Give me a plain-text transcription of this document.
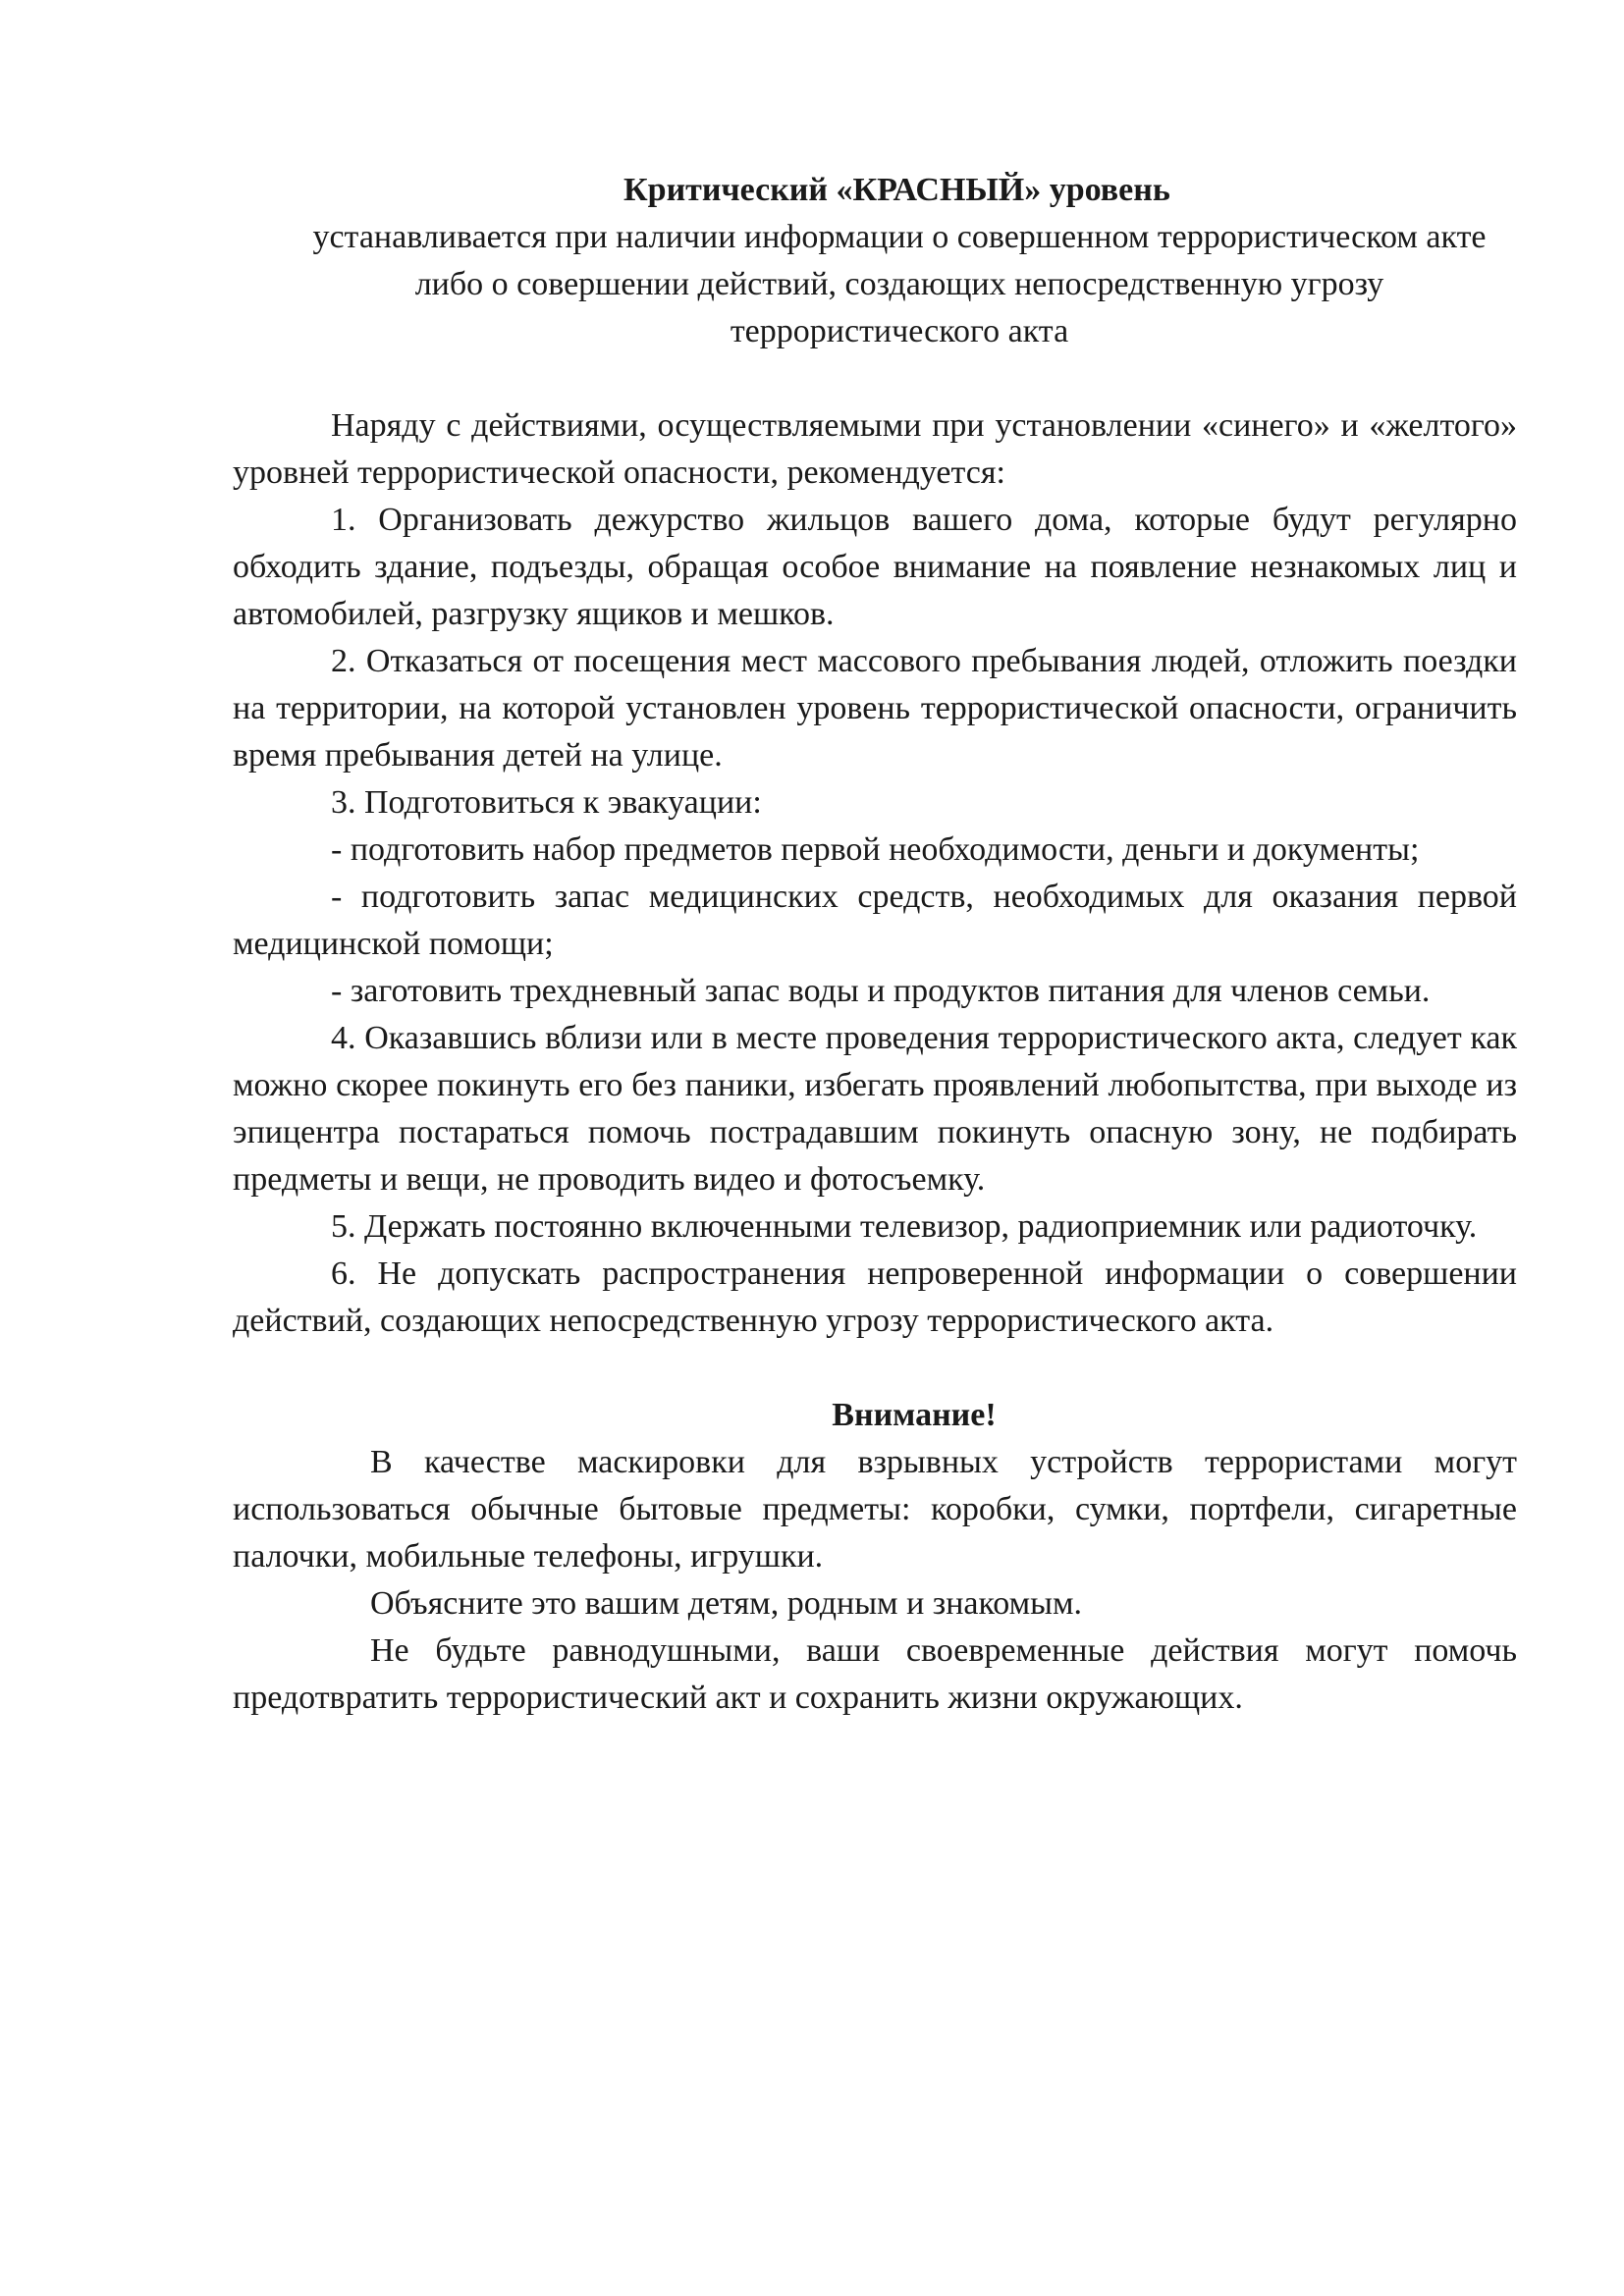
Критический «КРАСНЫЙ» уровень
устанавливается при наличии информации о совершенном террористическом акте либо о совершении действий, создающих непосредственную угрозу террористического акта

Наряду с действиями, осуществляемыми при установлении «синего» и «желтого» уровней террористической опасности, рекомендуется:

1. Организовать дежурство жильцов вашего дома, которые будут регулярно обходить здание, подъезды, обращая особое внимание на появление незнакомых лиц и автомобилей, разгрузку ящиков и мешков.

2. Отказаться от посещения мест массового пребывания людей, отложить поездки на территории, на которой установлен уровень террористической опасности, ограничить время пребывания детей на улице.

3. Подготовиться к эвакуации:

- подготовить набор предметов первой необходимости, деньги и документы;

- подготовить запас медицинских средств, необходимых для оказания первой медицинской помощи;

- заготовить трехдневный запас воды и продуктов питания для членов семьи.

4. Оказавшись вблизи или в месте проведения террористического акта, следует как можно скорее покинуть его без паники, избегать проявлений любопытства, при выходе из эпицентра постараться помочь пострадавшим покинуть опасную зону, не подбирать предметы и вещи, не проводить видео и фотосъемку.

5. Держать постоянно включенными телевизор, радиоприемник или радиоточку.

6. Не допускать распространения непроверенной информации о совершении действий, создающих непосредственную угрозу террористического акта.

Внимание!

В качестве маскировки для взрывных устройств террористами могут использоваться обычные бытовые предметы: коробки, сумки, портфели, сигаретные палочки, мобильные телефоны, игрушки.

Объясните это вашим детям, родным и знакомым.

Не будьте равнодушными, ваши своевременные действия могут помочь предотвратить террористический акт и сохранить жизни окружающих.
